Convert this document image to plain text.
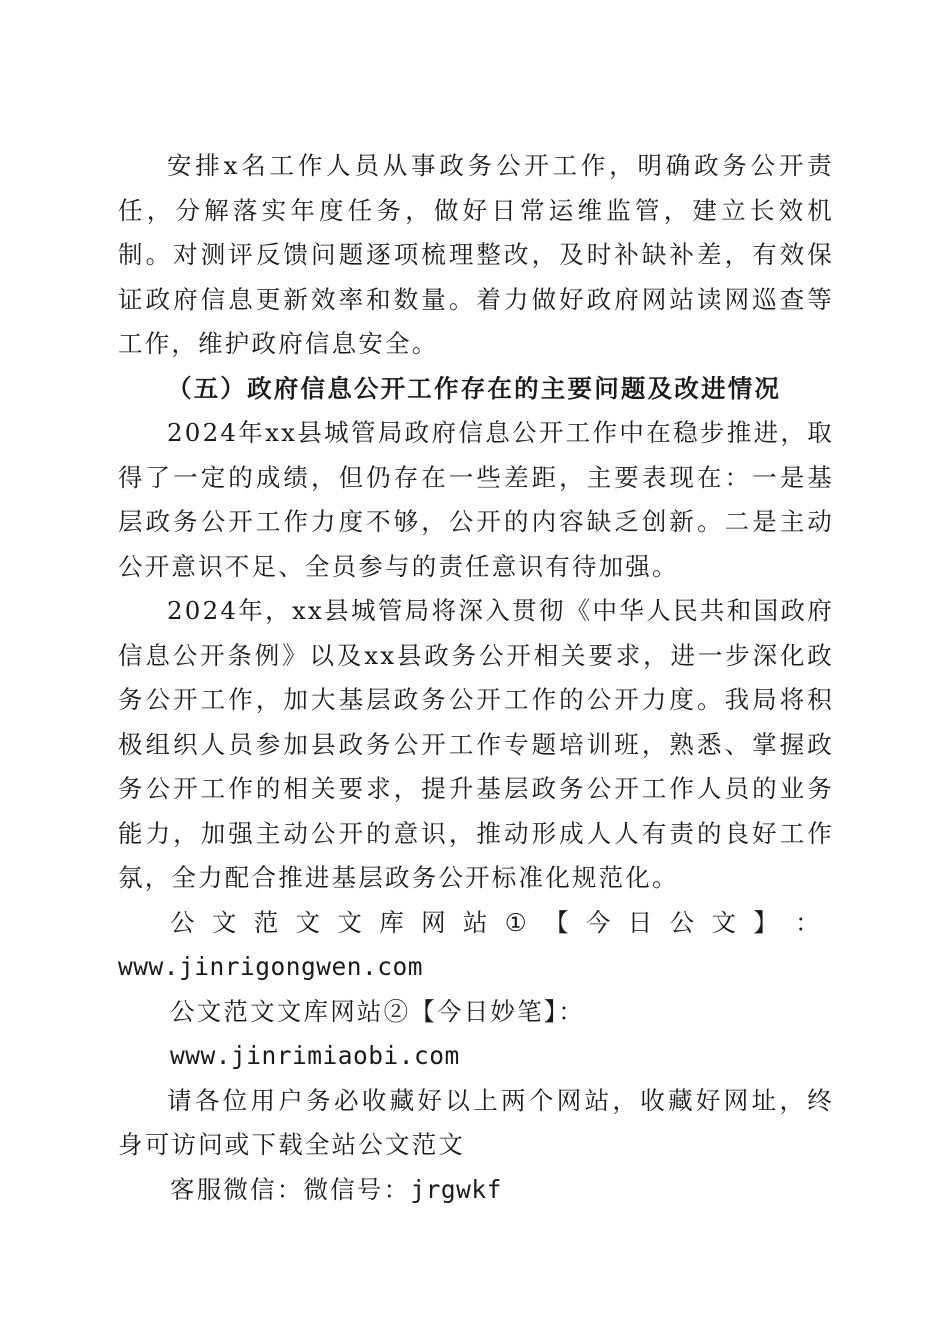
安排x名工作人员从事政务公开工作，明确政务公开责任，分解落实年度任务，做好日常运维监管，建立长效机制。对测评反馈问题逐项梳理整改，及时补缺补差，有效保证政府信息更新效率和数量。着力做好政府网站读网巡查等工作，维护政府信息安全。

（五）政府信息公开工作存在的主要问题及改进情况

2024年xx县城管局政府信息公开工作中在稳步推进，取得了一定的成绩，但仍存在一些差距，主要表现在：一是基层政务公开工作力度不够，公开的内容缺乏创新。二是主动公开意识不足、全员参与的责任意识有待加强。

2024年，xx县城管局将深入贯彻《中华人民共和国政府信息公开条例》以及xx县政务公开相关要求，进一步深化政务公开工作，加大基层政务公开工作的公开力度。我局将积极组织人员参加县政务公开工作专题培训班，熟悉、掌握政务公开工作的相关要求，提升基层政务公开工作人员的业务能力，加强主动公开的意识，推动形成人人有责的良好工作氛，全力配合推进基层政务公开标准化规范化。

公 文 范 文 文 库 网 站 ① 【 今 日 公 文 】 ：

www.jinrigongwen.com

公文范文文库网站②【今日妙笔】：www.jinrimiaobi.com

请各位用户务必收藏好以上两个网站，收藏好网址，终身可访问或下载全站公文范文

客服微信：微信号：jrgwkf
